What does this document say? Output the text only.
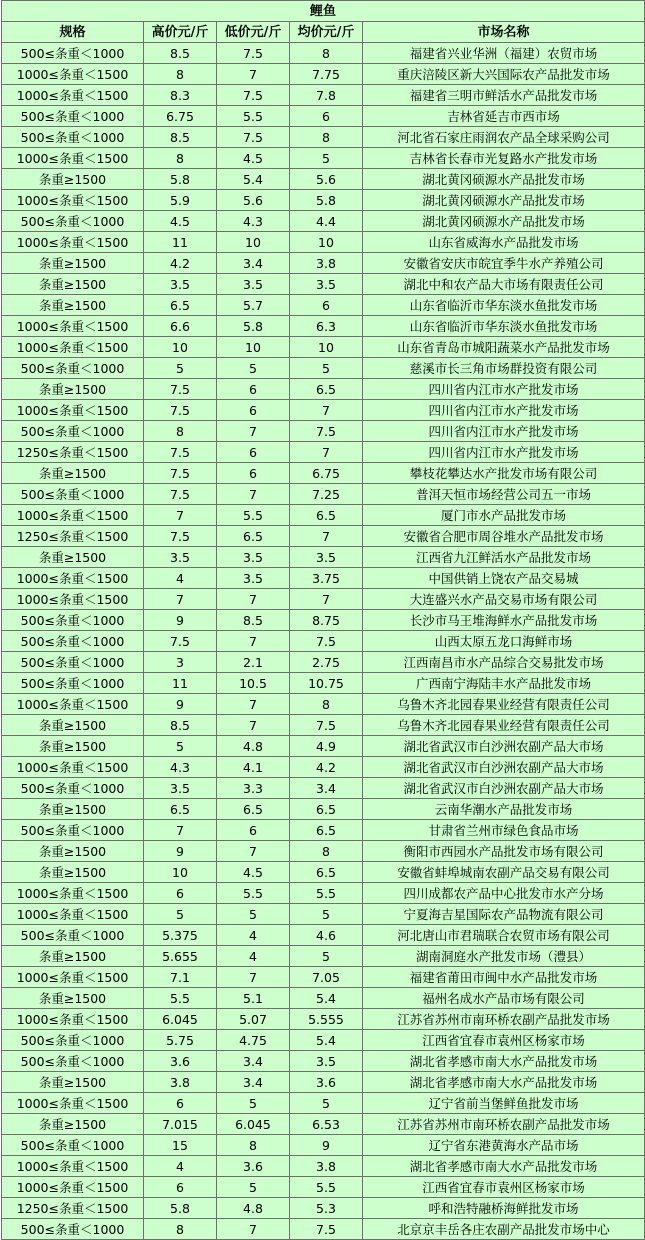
鲤鱼				
规格	高价元/斤	低价元/斤	均价元/斤	市场名称
500≤条重＜1000	8.5	7.5	8	福建省兴业华洲（福建）农贸市场
1000≤条重＜1500	8	7	7.75	重庆涪陵区新大兴国际农产品批发市场
1000≤条重＜1500	8.3	7.5	7.8	福建省三明市鲜活水产品批发市场
500≤条重＜1000	6.75	5.5	6	吉林省延吉市西市场
500≤条重＜1000	8.5	7.5	8	河北省石家庄雨润农产品全球采购公司
1000≤条重＜1500	8	4.5	5	吉林省长春市光复路水产批发市场
条重≥1500	5.8	5.4	5.6	湖北黄冈硕源水产品批发市场
1000≤条重＜1500	5.9	5.6	5.8	湖北黄冈硕源水产品批发市场
500≤条重＜1000	4.5	4.3	4.4	湖北黄冈硕源水产品批发市场
1000≤条重＜1500	11	10	10	山东省威海水产品批发市场
条重≥1500	4.2	3.4	3.8	安徽省安庆市皖宜季牛水产养殖公司
条重≥1500	3.5	3.5	3.5	湖北中和农产品大市场有限责任公司
条重≥1500	6.5	5.7	6	山东省临沂市华东淡水鱼批发市场
1000≤条重＜1500	6.6	5.8	6.3	山东省临沂市华东淡水鱼批发市场
1000≤条重＜1500	10	10	10	山东省青岛市城阳蔬菜水产品批发市场
500≤条重＜1000	5	5	5	慈溪市长三角市场群投资有限公司
条重≥1500	7.5	6	6.5	四川省内江市水产批发市场
1000≤条重＜1500	7.5	6	7	四川省内江市水产批发市场
500≤条重＜1000	8	7	7.5	四川省内江市水产批发市场
1250≤条重＜1500	7.5	6	7	四川省内江市水产批发市场
条重≥1500	7.5	6	6.75	攀枝花攀达水产批发市场有限公司
500≤条重＜1000	7.5	7	7.25	普洱天恒市场经营公司五一市场
1000≤条重＜1500	7	5.5	6.5	厦门市水产品批发市场
1250≤条重＜1500	7.5	6.5	7	安徽省合肥市周谷堆水产品批发市场
条重≥1500	3.5	3.5	3.5	江西省九江鲜活水产品批发市场
1000≤条重＜1500	4	3.5	3.75	中国供销上饶农产品交易城
1000≤条重＜1500	7	7	7	大连盛兴水产品交易市场有限公司
500≤条重＜1000	9	8.5	8.75	长沙市马王堆海鲜水产品批发市场
500≤条重＜1000	7.5	7	7.5	山西太原五龙口海鲜市场
500≤条重＜1000	3	2.1	2.75	江西南昌市水产品综合交易批发市场
500≤条重＜1000	11	10.5	10.75	广西南宁海陆丰水产品批发市场
1000≤条重＜1500	9	7	8	乌鲁木齐北园春果业经营有限责任公司
条重≥1500	8.5	7	7.5	乌鲁木齐北园春果业经营有限责任公司
条重≥1500	5	4.8	4.9	湖北省武汉市白沙洲农副产品大市场
1000≤条重＜1500	4.3	4.1	4.2	湖北省武汉市白沙洲农副产品大市场
500≤条重＜1000	3.5	3.3	3.4	湖北省武汉市白沙洲农副产品大市场
条重≥1500	6.5	6.5	6.5	云南华潮水产品批发市场
500≤条重＜1000	7	6	6.5	甘肃省兰州市绿色食品市场
条重≥1500	9	7	8	衡阳市西园水产品批发市场有限公司
条重≥1500	10	4.5	6.5	安徽省蚌埠城南农副产品交易有限公司
1000≤条重＜1500	6	5.5	5.5	四川成都农产品中心批发市水产分场
1000≤条重＜1500	5	5	5	宁夏海吉星国际农产品物流有限公司
500≤条重＜1000	5.375	4	4.6	河北唐山市君瑞联合农贸市场有限公司
条重≥1500	5.655	4	5	湖南洞庭水产批发市场（澧县）
1000≤条重＜1500	7.1	7	7.05	福建省莆田市闽中水产品批发市场
条重≥1500	5.5	5.1	5.4	福州名成水产品市场有限公司
1000≤条重＜1500	6.045	5.07	5.555	江苏省苏州市南环桥农副产品批发市场
500≤条重＜1000	5.75	4.75	5.4	江西省宜春市袁州区杨家市场
500≤条重＜1000	3.6	3.4	3.5	湖北省孝感市南大水产品批发市场
条重≥1500	3.8	3.4	3.6	湖北省孝感市南大水产品批发市场
1000≤条重＜1500	6	5	5	辽宁省前当堡鲜鱼批发市场
条重≥1500	7.015	6.045	6.53	江苏省苏州市南环桥农副产品批发市场
500≤条重＜1000	15	8	9	辽宁省东港黄海水产品市场
1000≤条重＜1500	4	3.6	3.8	湖北省孝感市南大水产品批发市场
1000≤条重＜1500	6	5	5.5	江西省宜春市袁州区杨家市场
1250≤条重＜1500	5.8	4.8	5.3	呼和浩特融桥海鲜批发市场
500≤条重＜1000	8	7	7.5	北京京丰岳各庄农副产品批发市场中心
